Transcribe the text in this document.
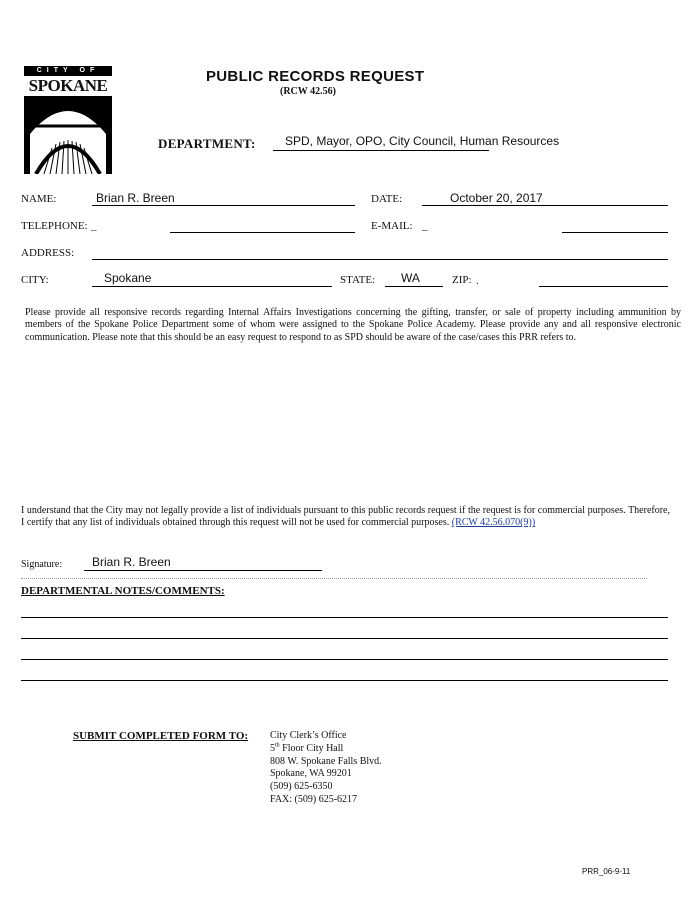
CITY OF
SPOKANE	PUBLIC RECORDS REQUEST
(RCW 42.56)
DEPARTMENT: SPD, Mayor, OPO, City Council, Human Resources
NAME:	Brian R. Breen	DATE:	October 20, 2017
TELEPHONE: _	E-MAIL: _
ADDRESS:
CITY:	Spokane	STATE: WA	ZIP: .
Please provide all responsive records regarding Internal Affairs Investigations concerning the gifting, transfer, or sale of property including ammunition by members of the Spokane Police Department some of whom were assigned to the Spokane Police Academy. Please provide any and all responsive electronic communication. Please note that this should be an easy request to respond to as SPD should be aware of the case/cases this PRR refers to.
I understand that the City may not legally provide a list of individuals pursuant to this public records request if the request is for commercial purposes. Therefore, I certify that any list of individuals obtained through this request will not be used for commercial purposes. (RCW 42.56.070(9))
Signature: Brian R. Breen
DEPARTMENTAL NOTES/COMMENTS:
SUBMIT COMPLETED FORM TO: City Clerk’s Office
5th Floor City Hall
808 W. Spokane Falls Blvd.
Spokane, WA 99201
(509) 625-6350
FAX: (509) 625-6217
PRR_06-9-11
